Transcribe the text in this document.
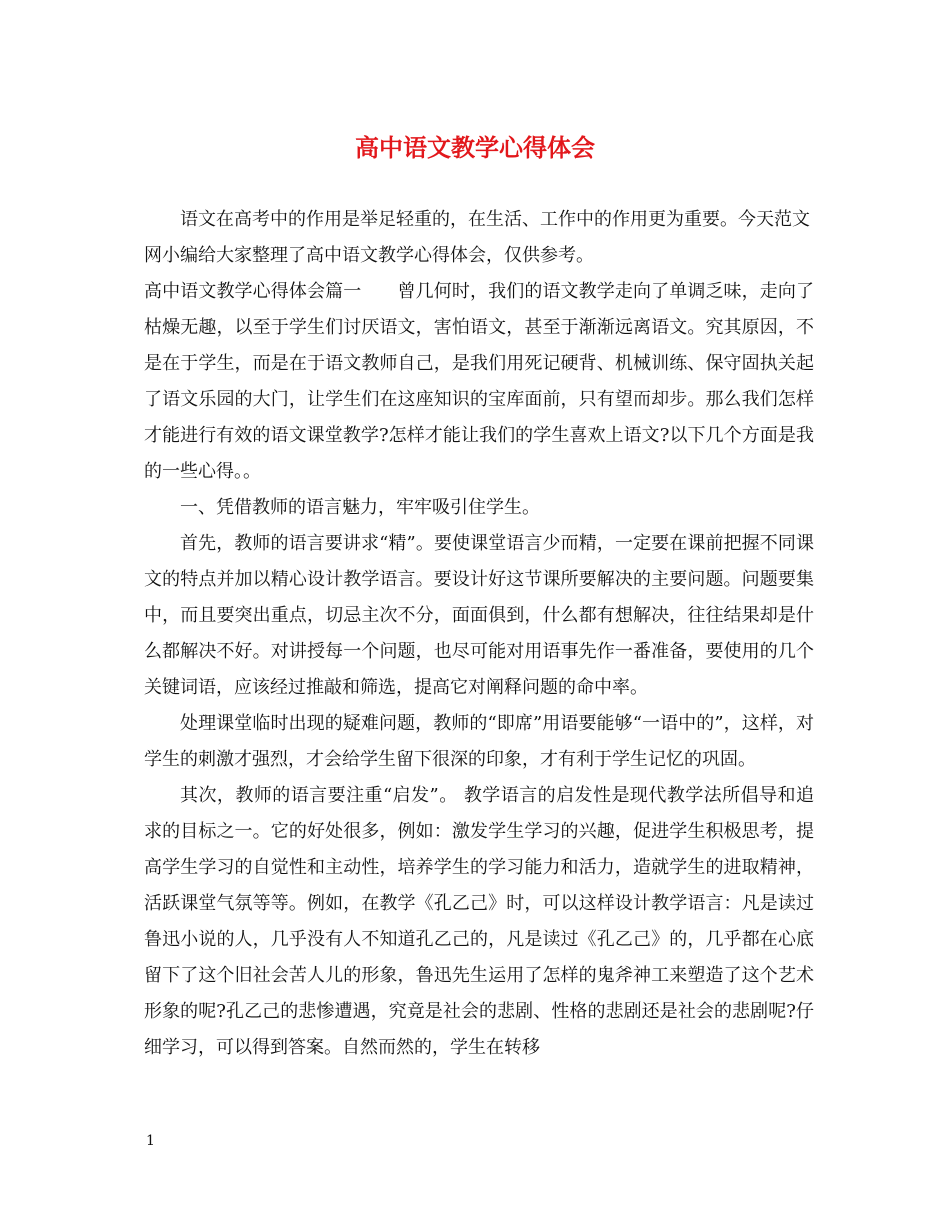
高中语文教学心得体会

语文在高考中的作用是举足轻重的，在生活、工作中的作用更为重要。今天范文网小编给大家整理了高中语文教学心得体会，仅供参考。

高中语文教学心得体会篇一　　曾几何时，我们的语文教学走向了单调乏味，走向了枯燥无趣，以至于学生们讨厌语文，害怕语文，甚至于渐渐远离语文。究其原因，不是在于学生，而是在于语文教师自己，是我们用死记硬背、机械训练、保守固执关起了语文乐园的大门，让学生们在这座知识的宝库面前，只有望而却步。那么我们怎样才能进行有效的语文课堂教学?怎样才能让我们的学生喜欢上语文?以下几个方面是我的一些心得。。

一、凭借教师的语言魅力，牢牢吸引住学生。

首先，教师的语言要讲求“精”。要使课堂语言少而精，一定要在课前把握不同课文的特点并加以精心设计教学语言。要设计好这节课所要解决的主要问题。问题要集中，而且要突出重点，切忌主次不分，面面俱到，什么都有想解决，往往结果却是什么都解决不好。对讲授每一个问题，也尽可能对用语事先作一番准备，要使用的几个关键词语，应该经过推敲和筛选，提高它对阐释问题的命中率。

处理课堂临时出现的疑难问题，教师的“即席”用语要能够“一语中的”，这样，对学生的刺激才强烈，才会给学生留下很深的印象，才有利于学生记忆的巩固。

其次，教师的语言要注重“启发”。 教学语言的启发性是现代教学法所倡导和追求的目标之一。它的好处很多，例如：激发学生学习的兴趣，促进学生积极思考，提高学生学习的自觉性和主动性，培养学生的学习能力和活力，造就学生的进取精神，活跃课堂气氛等等。例如，在教学《孔乙己》时，可以这样设计教学语言：凡是读过鲁迅小说的人，几乎没有人不知道孔乙己的，凡是读过《孔乙己》的，几乎都在心底留下了这个旧社会苦人儿的形象，鲁迅先生运用了怎样的鬼斧神工来塑造了这个艺术形象的呢?孔乙己的悲惨遭遇，究竟是社会的悲剧、性格的悲剧还是社会的悲剧呢?仔细学习，可以得到答案。自然而然的，学生在转移

1
